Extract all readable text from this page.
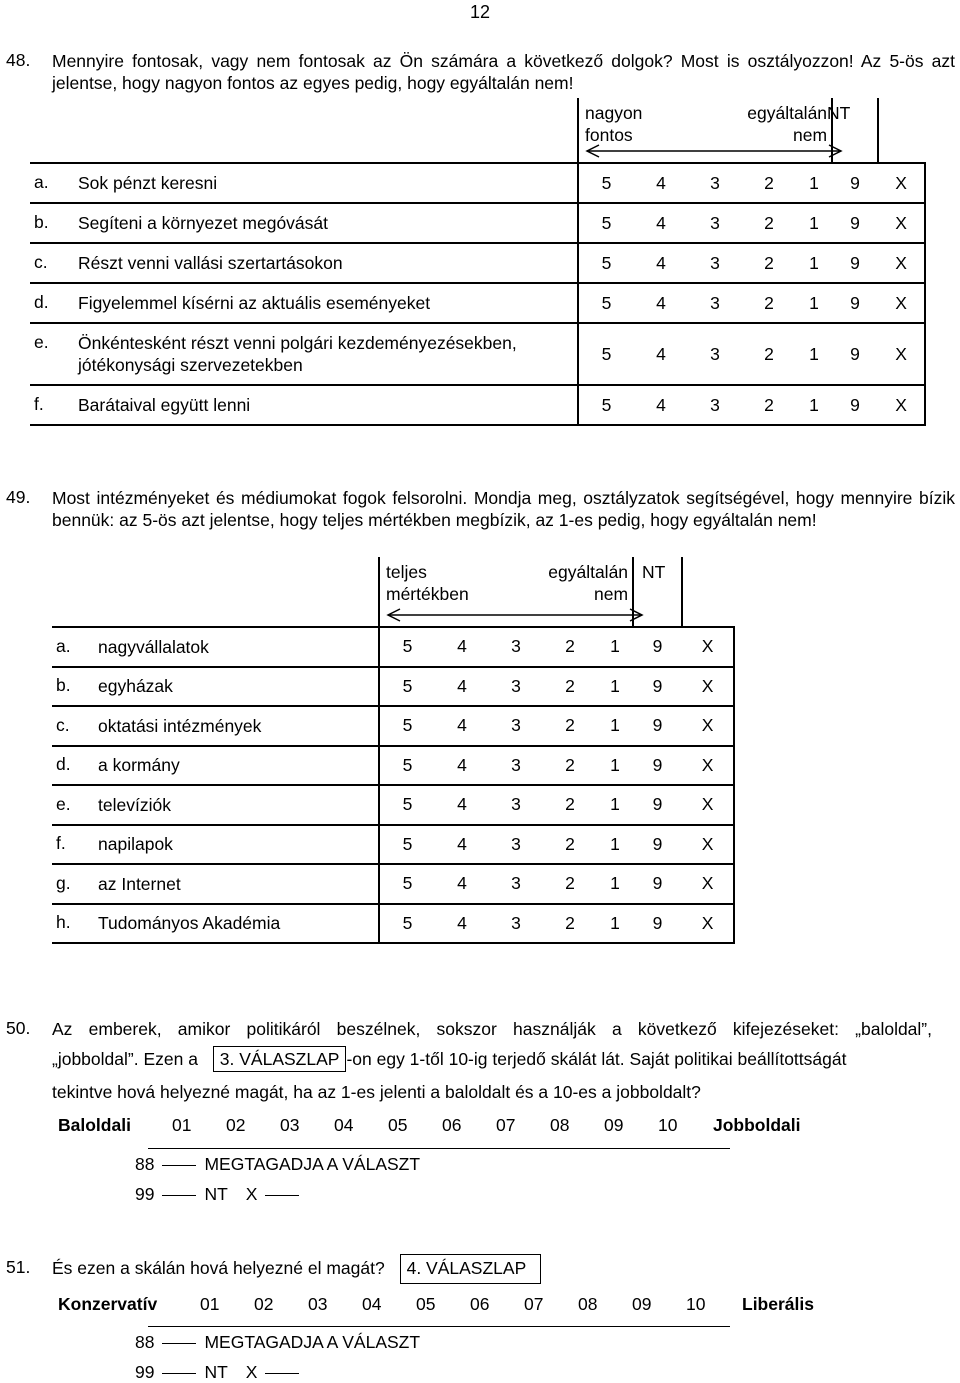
12
48. Mennyire fontosak, vagy nem fontosak az Ön számára a következő dolgok? Most is osztályozzon! Az 5-ös azt jelentse, hogy nagyon fontos az egyes pedig, hogy egyáltalán nem!

	nagyon
fontos
egyáltalán
nem					NT	

a. Sok pénzt keresni	5	4	3	2	1	9	X
b. Segíteni a környezet megóvását	5	4	3	2	1	9	X
c. Részt venni vallási szertartásokon	5	4	3	2	1	9	X
d. Figyelemmel kísérni az aktuális eseményeket	5	4	3	2	1	9	X
e. Önkéntesként részt venni polgári kezdeményezésekben,
jótékonysági szervezetekben	5	4	3	2	1	9	X
f. Barátaival együtt lenni	5	4	3	2	1	9	X
49. Most intézményeket és médiumokat fogok felsorolni. Mondja meg, osztályzatok segítségével, hogy mennyire bízik bennük: az 5-ös azt jelentse, hogy teljes mértékben megbízik, az 1-es pedig, hogy egyáltalán nem!

	teljes
mértékben
egyáltalán
nem					NT	

a. nagyvállalatok	5	4	3	2	1	9	X
b. egyházak	5	4	3	2	1	9	X
c. oktatási intézmények	5	4	3	2	1	9	X
d. a kormány	5	4	3	2	1	9	X
e. televíziók	5	4	3	2	1	9	X
f. napilapok	5	4	3	2	1	9	X
g. az Internet	5	4	3	2	1	9	X
h. Tudományos Akadémia	5	4	3	2	1	9	X
50. Az emberek, amikor politikáról beszélnek, sokszor használják a következő kifejezéseket: „baloldal”,
„jobboldal”. Ezen a 3. VÁLASZLAP -on egy 1-től 10-ig terjedő skálát lát. Saját politikai beállítottságát
tekintve hová helyezné magát, ha az 1-es jelenti a baloldalt és a 10-es a jobboldalt?
Baloldali 01 02 03 04 05 06 07 08 09 10 Jobboldali
88	MEGTAGADJA A VÁLASZT
99	NT X
51. És ezen a skálán hová helyezné el magát? 4. VÁLASZLAP
Konzervatív 01 02 03 04 05 06 07 08 09 10 Liberális
88	MEGTAGADJA A VÁLASZT
99	NT X
